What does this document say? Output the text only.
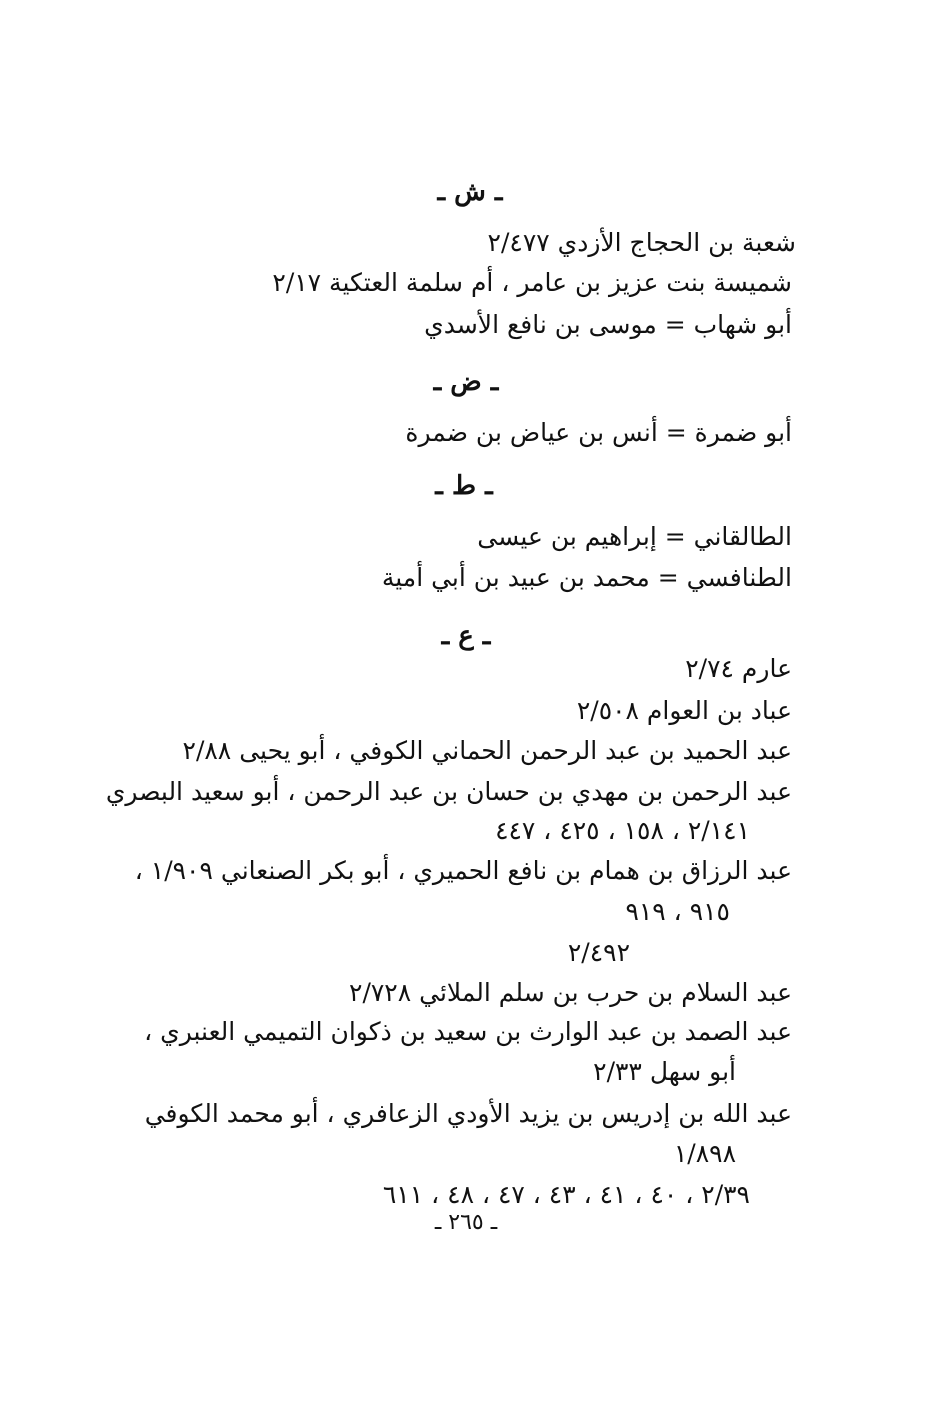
ـ ش ـ
شعبة بن الحجاج الأزدي ٢/٤٧٧
شميسة بنت عزيز بن عامر ، أم سلمة العتكية ٢/١٧
أبو شهاب = موسى بن نافع الأسدي
ـ ض ـ
أبو ضمرة = أنس بن عياض بن ضمرة
ـ ط ـ
الطالقاني = إبراهيم بن عيسى
الطنافسي = محمد بن عبيد بن أبي أمية
ـ ع ـ
عارم ٢/٧٤
عباد بن العوام ٢/٥٠٨
عبد الحميد بن عبد الرحمن الحماني الكوفي ، أبو يحيى ٢/٨٨
عبد الرحمن بن مهدي بن حسان بن عبد الرحمن ، أبو سعيد البصري
٢/١٤١ ، ١٥٨ ، ٤٢٥ ، ٤٤٧
عبد الرزاق بن همام بن نافع الحميري ، أبو بكر الصنعاني ١/٩٠٩ ،
٩١٥ ، ٩١٩
٢/٤٩٢
عبد السلام بن حرب بن سلم الملائي ٢/٧٢٨
عبد الصمد بن عبد الوارث بن سعيد بن ذكوان التميمي العنبري ،
أبو سهل ٢/٣٣
عبد الله بن إدريس بن يزيد الأودي الزعافري ، أبو محمد الكوفي
١/٨٩٨
٢/٣٩ ، ٤٠ ، ٤١ ، ٤٣ ، ٤٧ ، ٤٨ ، ٦١١
ـ ٢٦٥ ـ
